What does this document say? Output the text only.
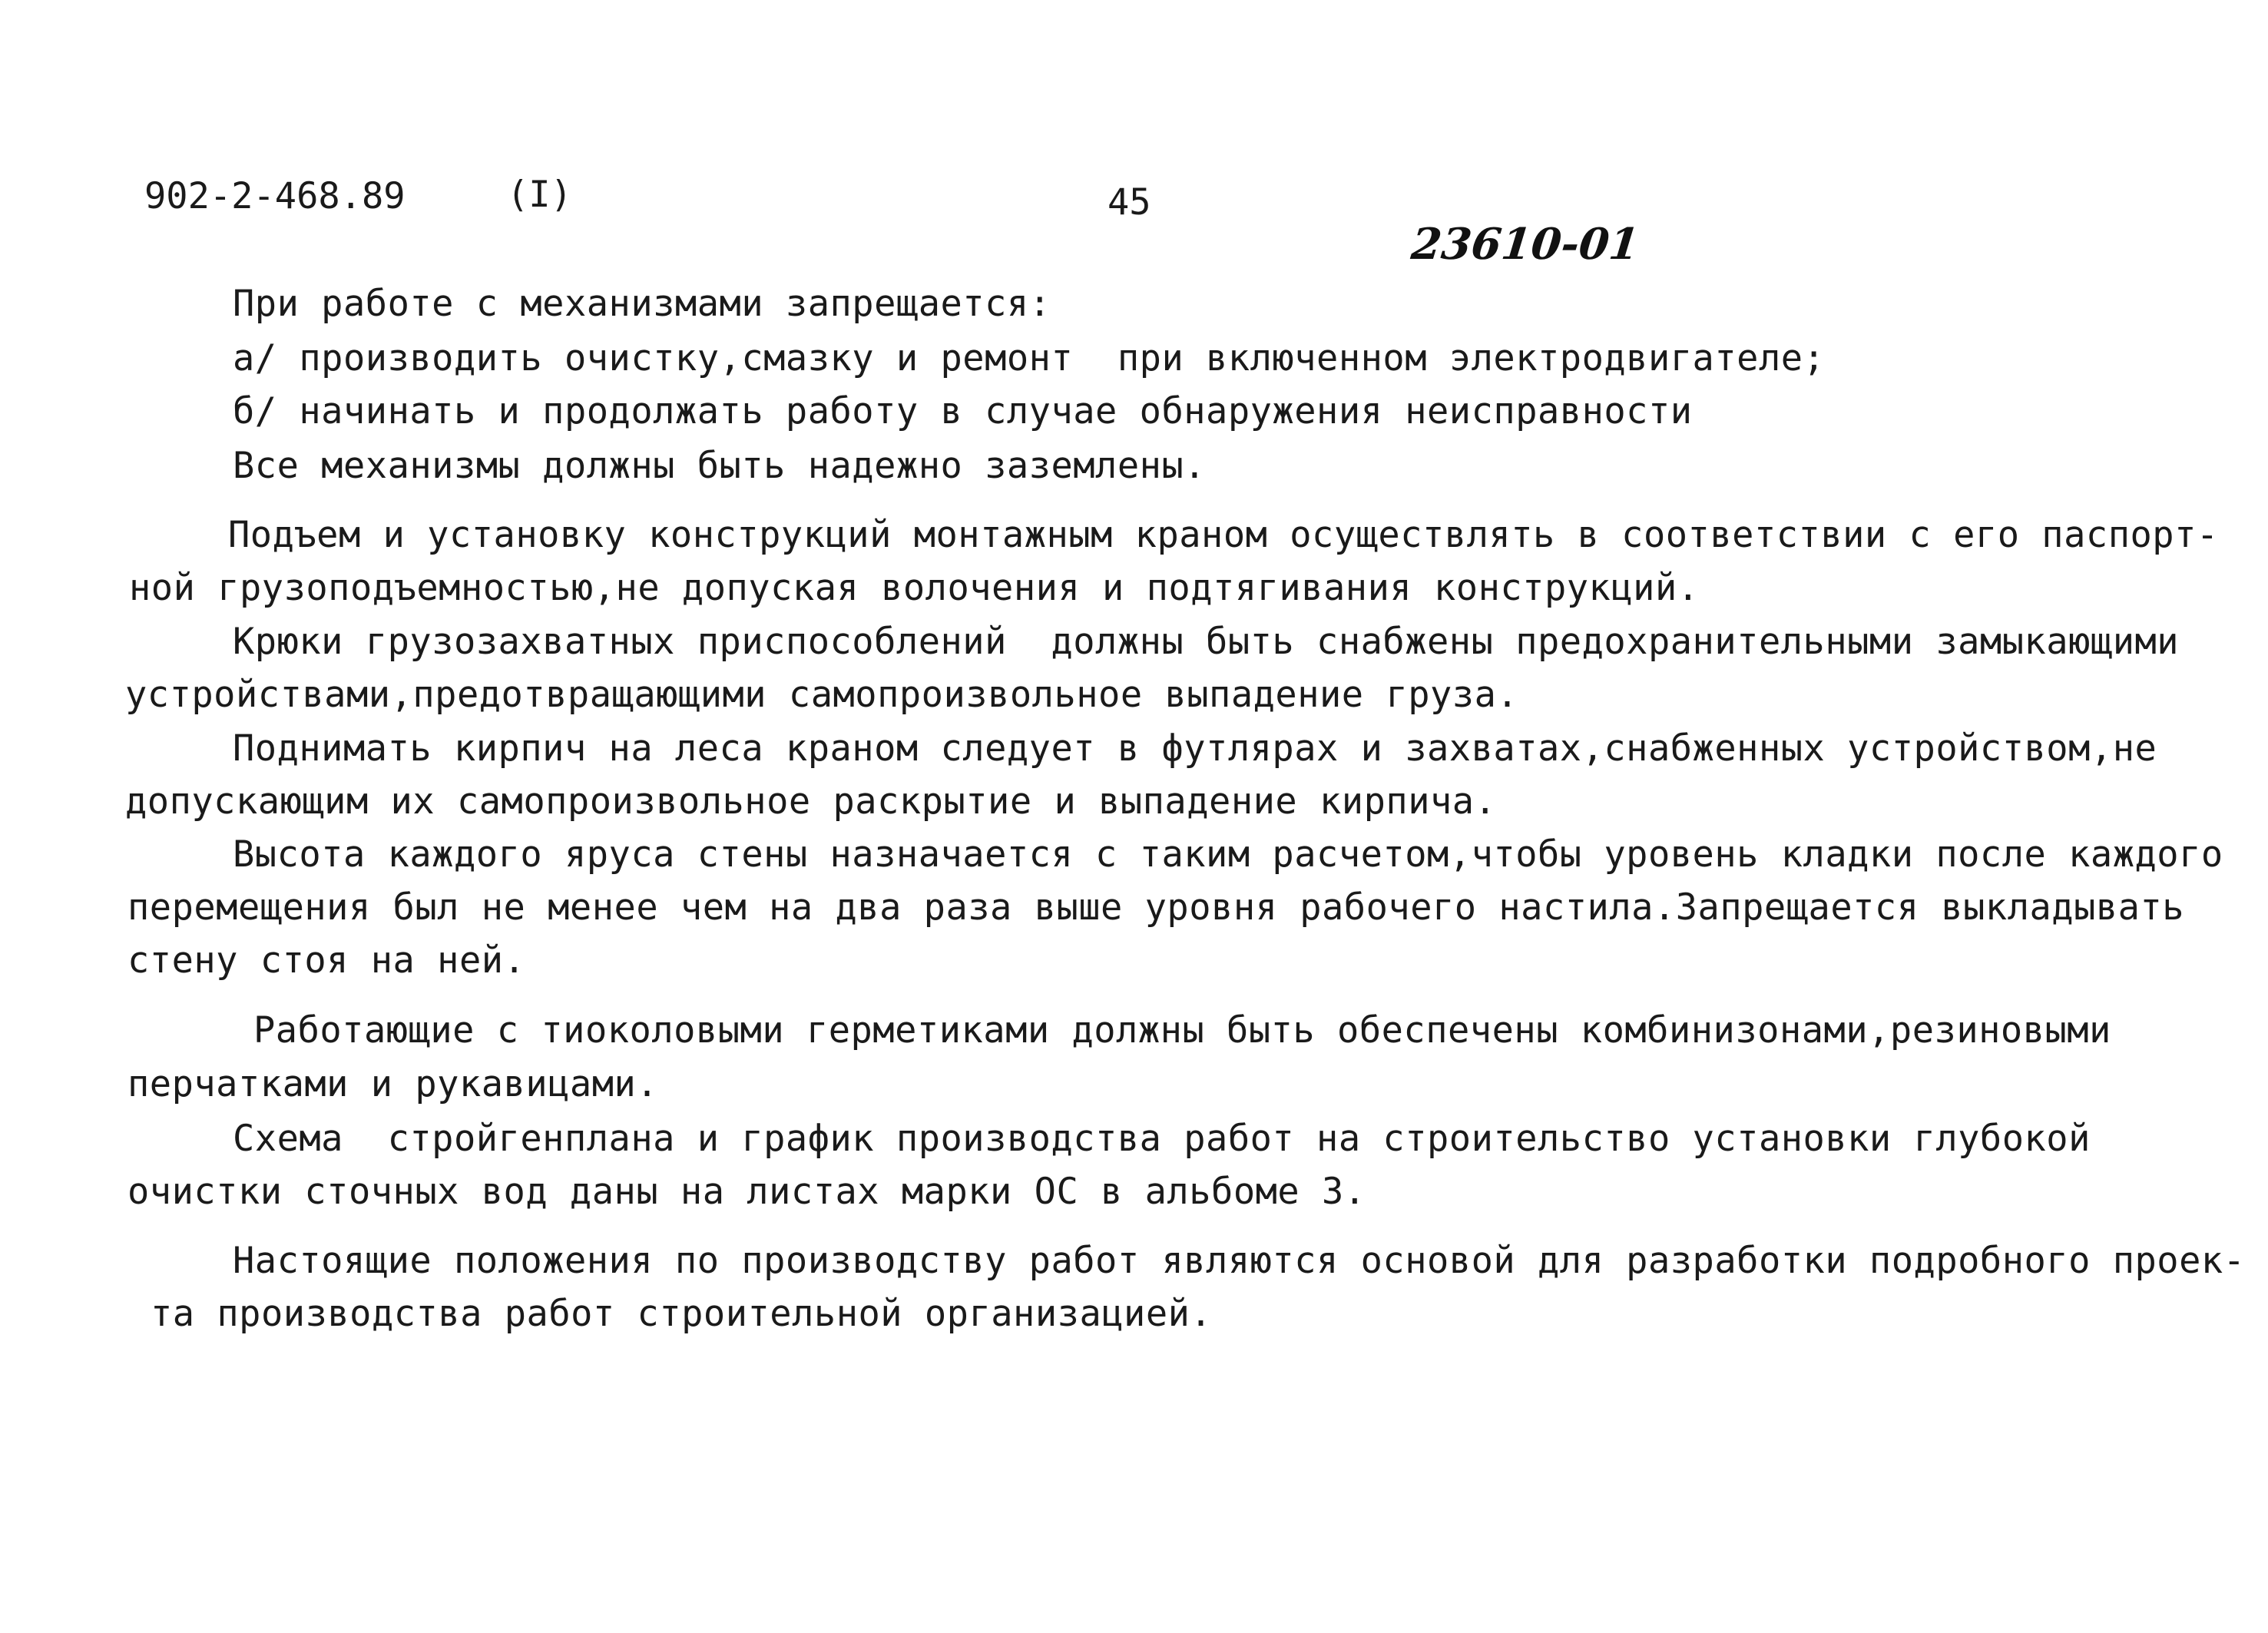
902-2-468.89	(I)	45
23610-01
При работе с механизмами запрещается:
а/ производить очистку,смазку и ремонт  при включенном электродвигателе;
б/ начинать и продолжать работу в случае обнаружения неисправности
Все механизмы должны быть надежно заземлены.
Подъем и установку конструкций монтажным краном осуществлять в соответствии с его паспорт-
ной грузоподъемностью,не допуская волочения и подтягивания конструкций.
Крюки грузозахватных приспособлений  должны быть снабжены предохранительными замыкающими
устройствами,предотвращающими самопроизвольное выпадение груза.
Поднимать кирпич на леса краном следует в футлярах и захватах,снабженных устройством,не
допускающим их самопроизвольное раскрытие и выпадение кирпича.
Высота каждого яруса стены назначается с таким расчетом,чтобы уровень кладки после каждого
перемещения был не менее чем на два раза выше уровня рабочего настила.Запрещается выкладывать
стену стоя на ней.
Работающие с тиоколовыми герметиками должны быть обеспечены комбинизонами,резиновыми
перчатками и рукавицами.
Схема  стройгенплана и график производства работ на строительство установки глубокой
очистки сточных вод даны на листах марки ОС в альбоме 3.
Настоящие положения по производству работ являются основой для разработки подробного проек-
та производства работ строительной организацией.
